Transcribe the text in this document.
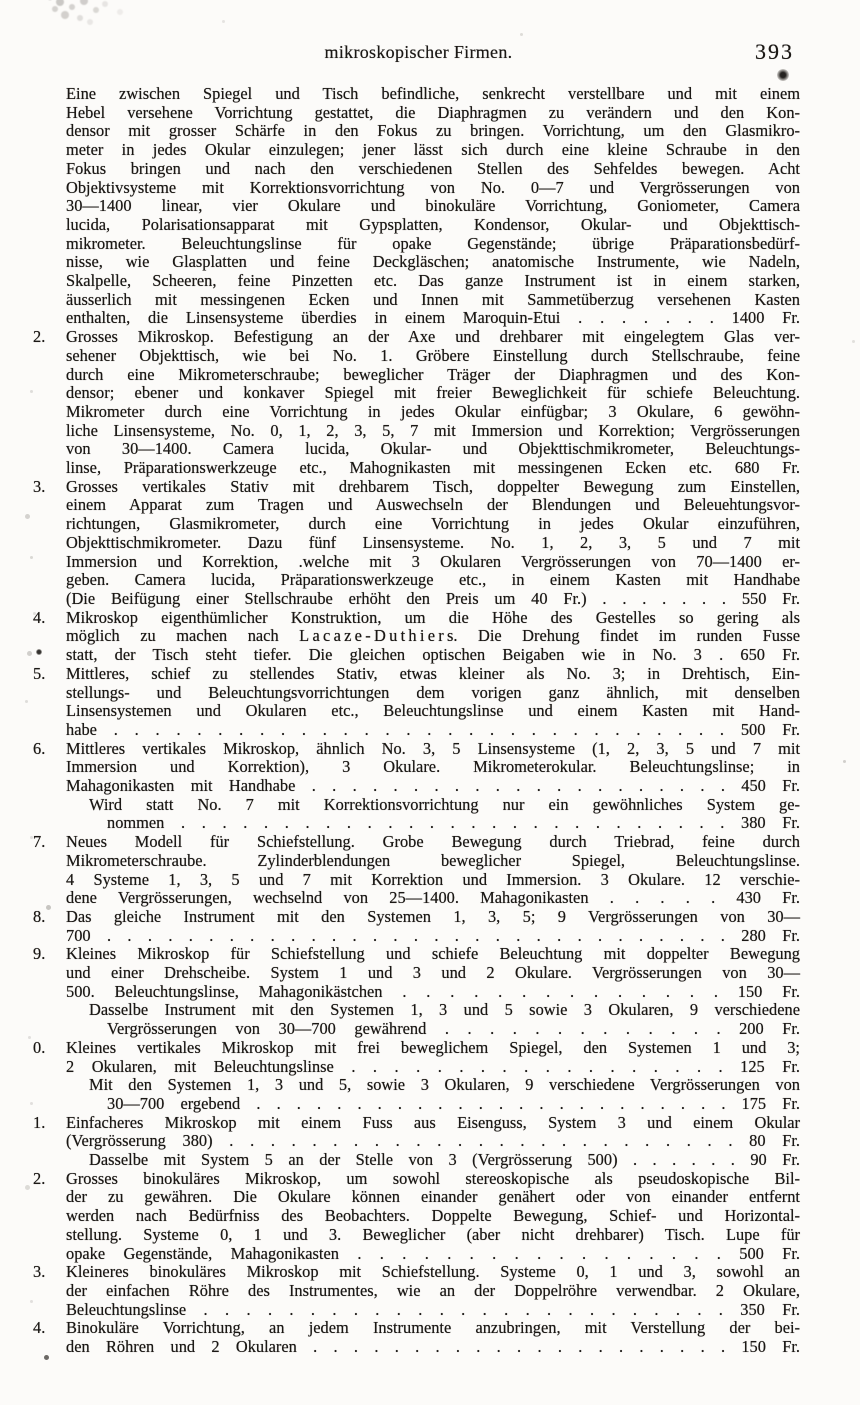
mikroskopischer Firmen.	393
Eine zwischen Spiegel und Tisch befindliche, senkrecht verstellbare und mit einem
Hebel versehene Vorrichtung gestattet, die Diaphragmen zu verändern und den Kon-
densor mit grosser Schärfe in den Fokus zu bringen. Vorrichtung, um den Glasmikro-
meter in jedes Okular einzulegen; jener lässt sich durch eine kleine Schraube in den
Fokus bringen und nach den verschiedenen Stellen des Sehfeldes bewegen. Acht
Objektivsysteme mit Korrektionsvorrichtung von No. 0—7 und Vergrösserungen von
30—1400 linear, vier Okulare und binokuläre Vorrichtung, Goniometer, Camera
lucida, Polarisationsapparat mit Gypsplatten, Kondensor, Okular- und Objekttisch-
mikrometer. Beleuchtungslinse für opake Gegenstände; übrige Präparationsbedürf-
nisse, wie Glasplatten und feine Deckgläschen; anatomische Instrumente, wie Nadeln,
Skalpelle, Scheeren, feine Pinzetten etc. Das ganze Instrument ist in einem starken,
äusserlich mit messingenen Ecken und Innen mit Sammetüberzug versehenen Kasten
enthalten, die Linsensysteme überdies in einem Maroquin-Etui . . . . . . . 1400 Fr.
2.	Grosses Mikroskop. Befestigung an der Axe und drehbarer mit eingelegtem Glas ver-
sehener Objekttisch, wie bei No. 1. Gröbere Einstellung durch Stellschraube, feine
durch eine Mikrometerschraube; beweglicher Träger der Diaphragmen und des Kon-
densor; ebener und konkaver Spiegel mit freier Beweglichkeit für schiefe Beleuchtung.
Mikrometer durch eine Vorrichtung in jedes Okular einfügbar; 3 Okulare, 6 gewöhn-
liche Linsensysteme, No. 0, 1, 2, 3, 5, 7 mit Immersion und Korrektion; Vergrösserungen
von 30—1400. Camera lucida, Okular- und Objekttischmikrometer, Beleuchtungs-
linse, Präparationswerkzeuge etc., Mahognikasten mit messingenen Ecken etc. 680 Fr.
3.	Grosses vertikales Stativ mit drehbarem Tisch, doppelter Bewegung zum Einstellen,
einem Apparat zum Tragen und Auswechseln der Blendungen und Beleuehtungsvor-
richtungen, Glasmikrometer, durch eine Vorrichtung in jedes Okular einzuführen,
Objekttischmikrometer. Dazu fünf Linsensysteme. No. 1, 2, 3, 5 und 7 mit
Immersion und Korrektion, .welche mit 3 Okularen Vergrösserungen von 70—1400 er-
geben. Camera lucida, Präparationswerkzeuge etc., in einem Kasten mit Handhabe
(Die Beifügung einer Stellschraube erhöht den Preis um 40 Fr.) . . . . . . . 550 Fr.
4.	Mikroskop eigenthümlicher Konstruktion, um die Höhe des Gestelles so gering als
möglich zu machen nach L a c a z e - D u t h i e r s. Die Drehung findet im runden Fusse
statt, der Tisch steht tiefer. Die gleichen optischen Beigaben wie in No. 3 . 650 Fr.
5.	Mittleres, schief zu stellendes Stativ, etwas kleiner als No. 3; in Drehtisch, Ein-
stellungs- und Beleuchtungsvorrichtungen dem vorigen ganz ähnlich, mit denselben
Linsensystemen und Okularen etc., Beleuchtungslinse und einem Kasten mit Hand-
habe . . . . . . . . . . . . . . . . . . . . . . . . . . . . . . 500 Fr.
6.	Mittleres vertikales Mikroskop, ähnlich No. 3, 5 Linsensysteme (1, 2, 3, 5 und 7 mit
Immersion und Korrektion), 3 Okulare. Mikrometerokular. Beleuchtungslinse; in
Mahagonikasten mit Handhabe . . . . . . . . . . . . . . . . . . . . . 450 Fr.
Wird statt No. 7 mit Korrektionsvorrichtung nur ein gewöhnliches System ge-
nommen . . . . . . . . . . . . . . . . . . . . . . . . . . . 380 Fr.
7.	Neues Modell für Schiefstellung. Grobe Bewegung durch Triebrad, feine durch
Mikrometerschraube. Zylinderblendungen beweglicher Spiegel, Beleuchtungslinse.
4 Systeme 1, 3, 5 und 7 mit Korrektion und Immersion. 3 Okulare. 12 verschie-
dene Vergrösserungen, wechselnd von 25—1400. Mahagonikasten . . . . . 430 Fr.
8.	Das gleiche Instrument mit den Systemen 1, 3, 5; 9 Vergrösserungen von 30—
700 . . . . . . . . . . . . . . . . . . . . . . . . . . . . . . . 280 Fr.
9.	Kleines Mikroskop für Schiefstellung und schiefe Beleuchtung mit doppelter Bewegung
und einer Drehscheibe. System 1 und 3 und 2 Okulare. Vergrösserungen von 30—
500. Beleuchtungslinse, Mahagonikästchen . . . . . . . . . . . . . . 150 Fr.
Dasselbe Instrument mit den Systemen 1, 3 und 5 sowie 3 Okularen, 9 verschiedene
Vergrösserungen von 30—700 gewährend . . . . . . . . . . . . . 200 Fr.
0.	Kleines vertikales Mikroskop mit frei beweglichem Spiegel, den Systemen 1 und 3;
2 Okularen, mit Beleuchtungslinse . . . . . . . . . . . . . . . . . . 125 Fr.
Mit den Systemen 1, 3 und 5, sowie 3 Okularen, 9 verschiedene Vergrösserungen von
30—700 ergebend . . . . . . . . . . . . . . . . . . . . . . . . 175 Fr.
1.	Einfacheres Mikroskop mit einem Fuss aus Eisenguss, System 3 und einem Okular
(Vergrösserung 380) . . . . . . . . . . . . . . . . . . . . . . . . . 80 Fr.
Dasselbe mit System 5 an der Stelle von 3 (Vergrösserung 500) . . . . . . 90 Fr.
2.	Grosses binokuläres Mikroskop, um sowohl stereoskopische als pseudoskopische Bil-
der zu gewähren. Die Okulare können einander genähert oder von einander entfernt
werden nach Bedürfniss des Beobachters. Doppelte Bewegung, Schief- und Horizontal-
stellung. Systeme 0, 1 und 3. Beweglicher (aber nicht drehbarer) Tisch. Lupe für
opake Gegenstände, Mahagonikasten . . . . . . . . . . . . . . . . . 500 Fr.
3.	Kleineres binokuläres Mikroskop mit Schiefstellung. Systeme 0, 1 und 3, sowohl an
der einfachen Röhre des Instrumentes, wie an der Doppelröhre verwendbar. 2 Okulare,
Beleuchtungslinse . . . . . . . . . . . . . . . . . . . . . . . . . 350 Fr.
4.	Binokuläre Vorrichtung, an jedem Instrumente anzubringen, mit Verstellung der bei-
den Röhren und 2 Okularen . . . . . . . . . . . . . . . . . . . . . 150 Fr.
